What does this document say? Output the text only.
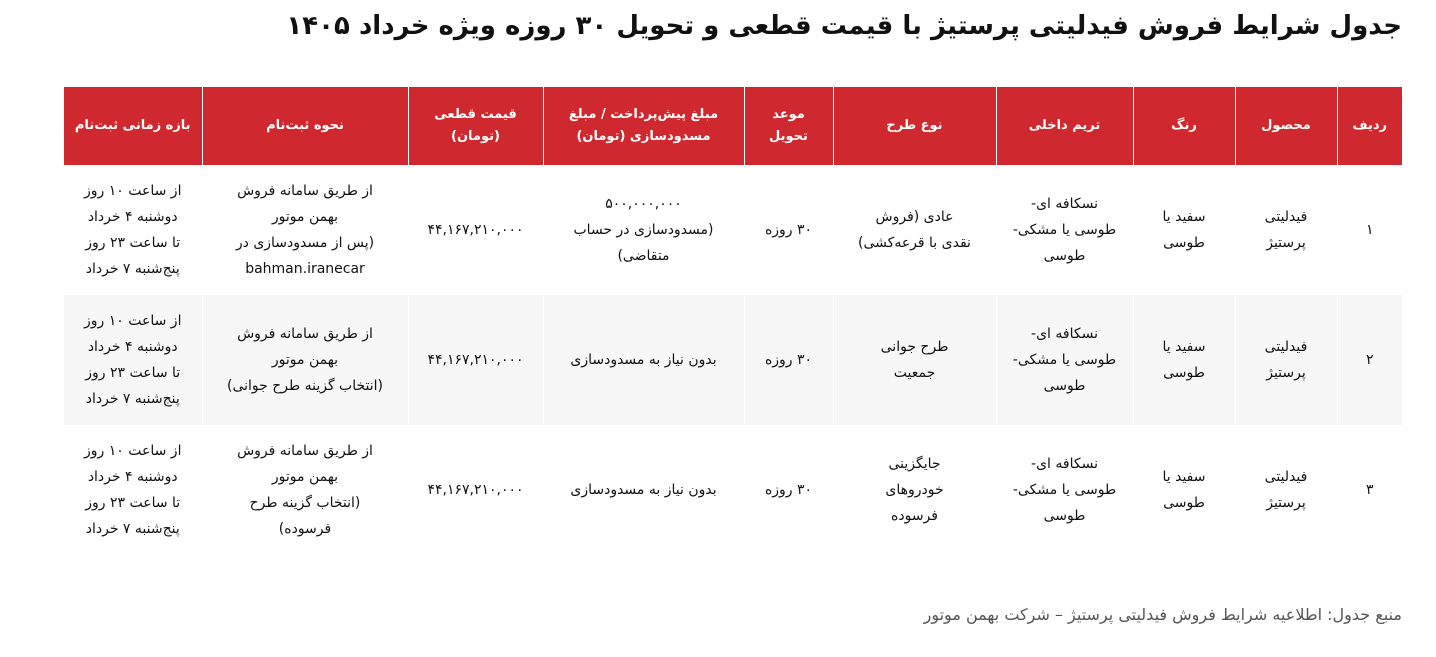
جدول شرایط فروش فیدلیتی پرستیژ با قیمت قطعی و تحویل ۳۰ روزه ویژه خرداد ۱۴۰۵
ردیف	محصول	رنگ	تریم داخلی	نوع طرح	موعد
تحویل	مبلغ پیش‌پرداخت / مبلغ
مسدودسازی (تومان)	قیمت قطعی
(تومان)	نحوه ثبت‌نام	بازه زمانی ثبت‌نام
۱	فیدلیتی
پرستیژ	سفید یا
طوسی	نسکافه ای-
طوسی یا مشکی-
طوسی	عادی (فروش
نقدی با قرعه‌کشی)	۳۰ روزه	۵۰۰,۰۰۰,۰۰۰
(مسدودسازی در حساب
متقاضی)	۴۴,۱۶۷,۲۱۰,۰۰۰	از طریق سامانه فروش
بهمن موتور
(پس از مسدودسازی در
bahman.iranecar	از ساعت ۱۰ روز
دوشنبه ۴ خرداد
تا ساعت ۲۳ روز
پنج‌شنبه ۷ خرداد
۲	فیدلیتی
پرستیژ	سفید یا
طوسی	نسکافه ای-
طوسی یا مشکی-
طوسی	طرح جوانی
جمعیت	۳۰ روزه	بدون نیاز به مسدودسازی	۴۴,۱۶۷,۲۱۰,۰۰۰	از طریق سامانه فروش
بهمن موتور
(انتخاب گزینه طرح جوانی)	از ساعت ۱۰ روز
دوشنبه ۴ خرداد
تا ساعت ۲۳ روز
پنج‌شنبه ۷ خرداد
۳	فیدلیتی
پرستیژ	سفید یا
طوسی	نسکافه ای-
طوسی یا مشکی-
طوسی	جایگزینی
خودروهای
فرسوده	۳۰ روزه	بدون نیاز به مسدودسازی	۴۴,۱۶۷,۲۱۰,۰۰۰	از طریق سامانه فروش
بهمن موتور
(انتخاب گزینه طرح
فرسوده)	از ساعت ۱۰ روز
دوشنبه ۴ خرداد
تا ساعت ۲۳ روز
پنج‌شنبه ۷ خرداد
منبع جدول: اطلاعیه شرایط فروش فیدلیتی پرستیژ – شرکت بهمن موتور
